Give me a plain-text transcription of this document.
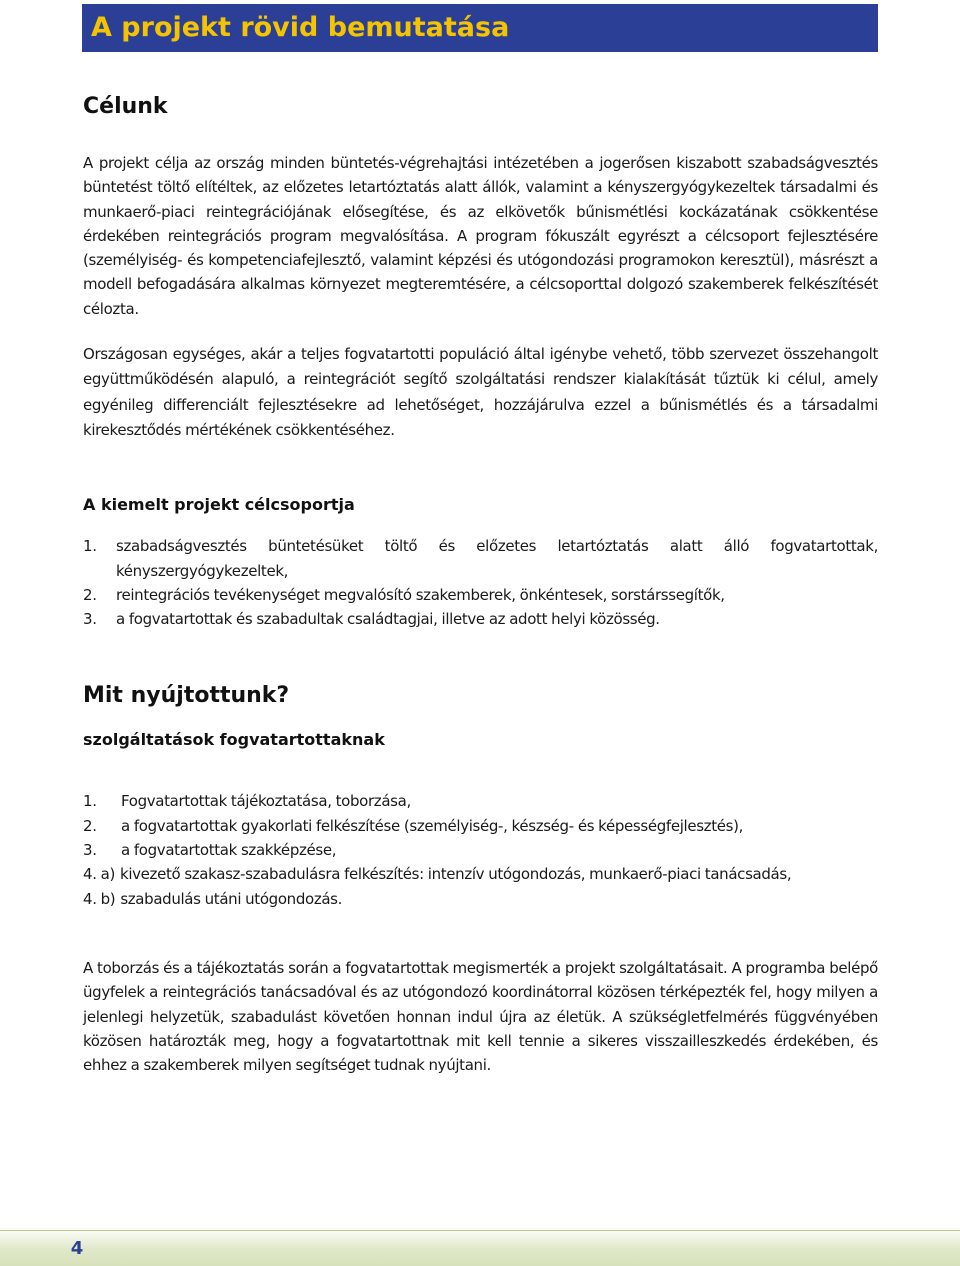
A projekt rövid bemutatása
Célunk

A projekt célja az ország minden büntetés-végrehajtási intézetében a jogerősen kiszabott szabadságvesztés büntetést töltő elítéltek, az előzetes letartóztatás alatt állók, valamint a kényszergyógykezeltek társadalmi és munkaerő-piaci reintegrációjának elősegítése, és az elkövetők bűnismétlési kockázatának csökkentése érdekében reintegrációs program megvalósítása. A program fókuszált egyrészt a célcsoport fejlesztésére (személyiség- és kompetenciafejlesztő, valamint képzési és utógondozási programokon keresztül), másrészt a modell befogadására alkalmas környezet megteremtésére, a célcsoporttal dolgozó szakemberek felkészítését célozta.

Országosan egységes, akár a teljes fogvatartotti populáció által igénybe vehető, több szervezet összehangolt együttműködésén alapuló, a reintegrációt segítő szolgáltatási rendszer kialakítását tűztük ki célul, amely egyénileg differenciált fejlesztésekre ad lehetőséget, hozzájárulva ezzel a bűnismétlés és a társadalmi kirekesztődés mértékének csökkentéséhez.

A kiemelt projekt célcsoportja
1.	szabadságvesztés büntetésüket töltő és előzetes letartóztatás alatt álló fogvatartottak, kényszergyógykezeltek,
2.	reintegrációs tevékenységet megvalósító szakemberek, önkéntesek, sorstárssegítők,
3.	a fogvatartottak és szabadultak családtagjai, illetve az adott helyi közösség.
Mit nyújtottunk?
szolgáltatások fogvatartottaknak
1.	Fogvatartottak tájékoztatása, toborzása,
2.	a fogvatartottak gyakorlati felkészítése (személyiség-, készség- és képességfejlesztés),
3.	a fogvatartottak szakképzése,
4. a) kivezető szakasz-szabadulásra felkészítés: intenzív utógondozás, munkaerő-piaci tanácsadás,
4. b) szabadulás utáni utógondozás.

A toborzás és a tájékoztatás során a fogvatartottak megismerték a projekt szolgáltatásait. A programba belépő ügyfelek a reintegrációs tanácsadóval és az utógondozó koordinátorral közösen térképezték fel, hogy milyen a jelenlegi helyzetük, szabadulást követően honnan indul újra az életük. A szükségletfelmérés függvényében közösen határozták meg, hogy a fogvatartottnak mit kell tennie a sikeres visszailleszkedés érdekében, és ehhez a szakemberek milyen segítséget tudnak nyújtani.

4
